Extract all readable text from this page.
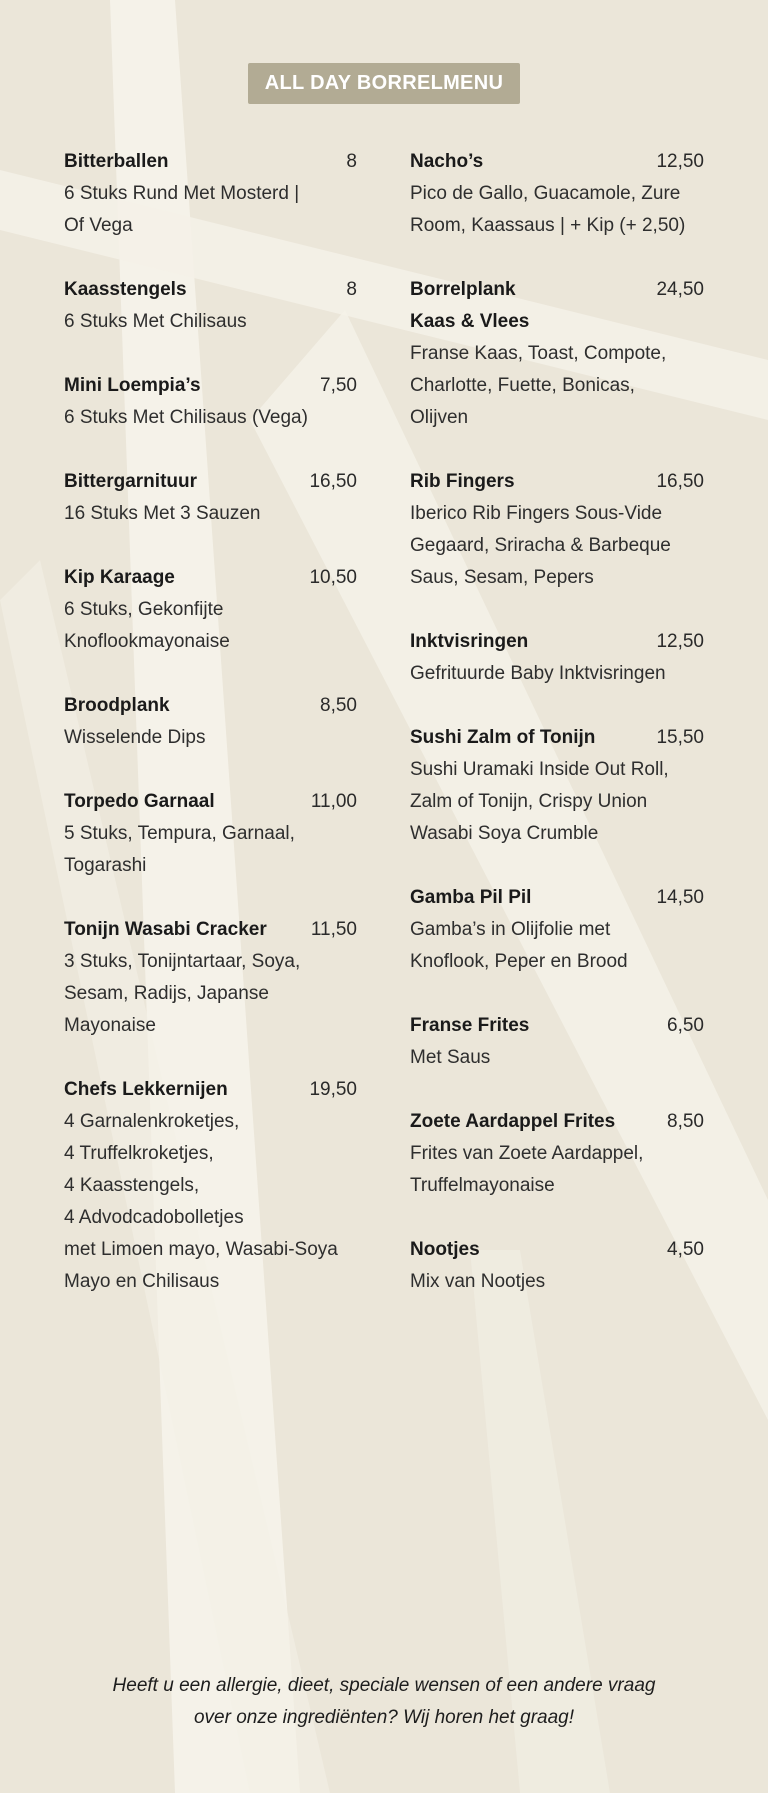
ALL DAY BORRELMENU
Bitterballen	8
6 Stuks Rund Met Mosterd |
Of Vega
Kaasstengels	8
6 Stuks Met Chilisaus
Mini Loempia’s	7,50
6 Stuks Met Chilisaus (Vega)
Bittergarnituur	16,50
16 Stuks Met 3 Sauzen
Kip Karaage	10,50
6 Stuks, Gekonfijte
Knoflookmayonaise
Broodplank	8,50
Wisselende Dips
Torpedo Garnaal	11,00
5 Stuks, Tempura, Garnaal,
Togarashi
Tonijn Wasabi Cracker 11,50
3 Stuks, Tonijntartaar, Soya,
Sesam, Radijs, Japanse
Mayonaise
Chefs Lekkernijen	19,50
4 Garnalenkroketjes,
4 Truffelkroketjes,
4 Kaasstengels,
4 Advodcadobolletjes
met Limoen mayo, Wasabi-Soya
Mayo en Chilisaus
Nacho’s	12,50
Pico de Gallo, Guacamole, Zure
Room, Kaassaus | + Kip (+ 2,50)
Borrelplank	24,50
Kaas & Vlees
Franse Kaas, Toast, Compote,
Charlotte, Fuette, Bonicas,
Olijven
Rib Fingers	16,50
Iberico Rib Fingers Sous-Vide
Gegaard, Sriracha & Barbeque
Saus, Sesam, Pepers
Inktvisringen	12,50
Gefrituurde Baby Inktvisringen
Sushi Zalm of Tonijn	15,50
Sushi Uramaki Inside Out Roll,
Zalm of Tonijn, Crispy Union
Wasabi Soya Crumble
Gamba Pil Pil	14,50
Gamba’s in Olijfolie met
Knoflook, Peper en Brood
Franse Frites	6,50
Met Saus
Zoete Aardappel Frites	8,50
Frites van Zoete Aardappel,
Truffelmayonaise
Nootjes	4,50
Mix van Nootjes
Heeft u een allergie, dieet, speciale wensen of een andere vraag
over onze ingrediënten? Wij horen het graag!
